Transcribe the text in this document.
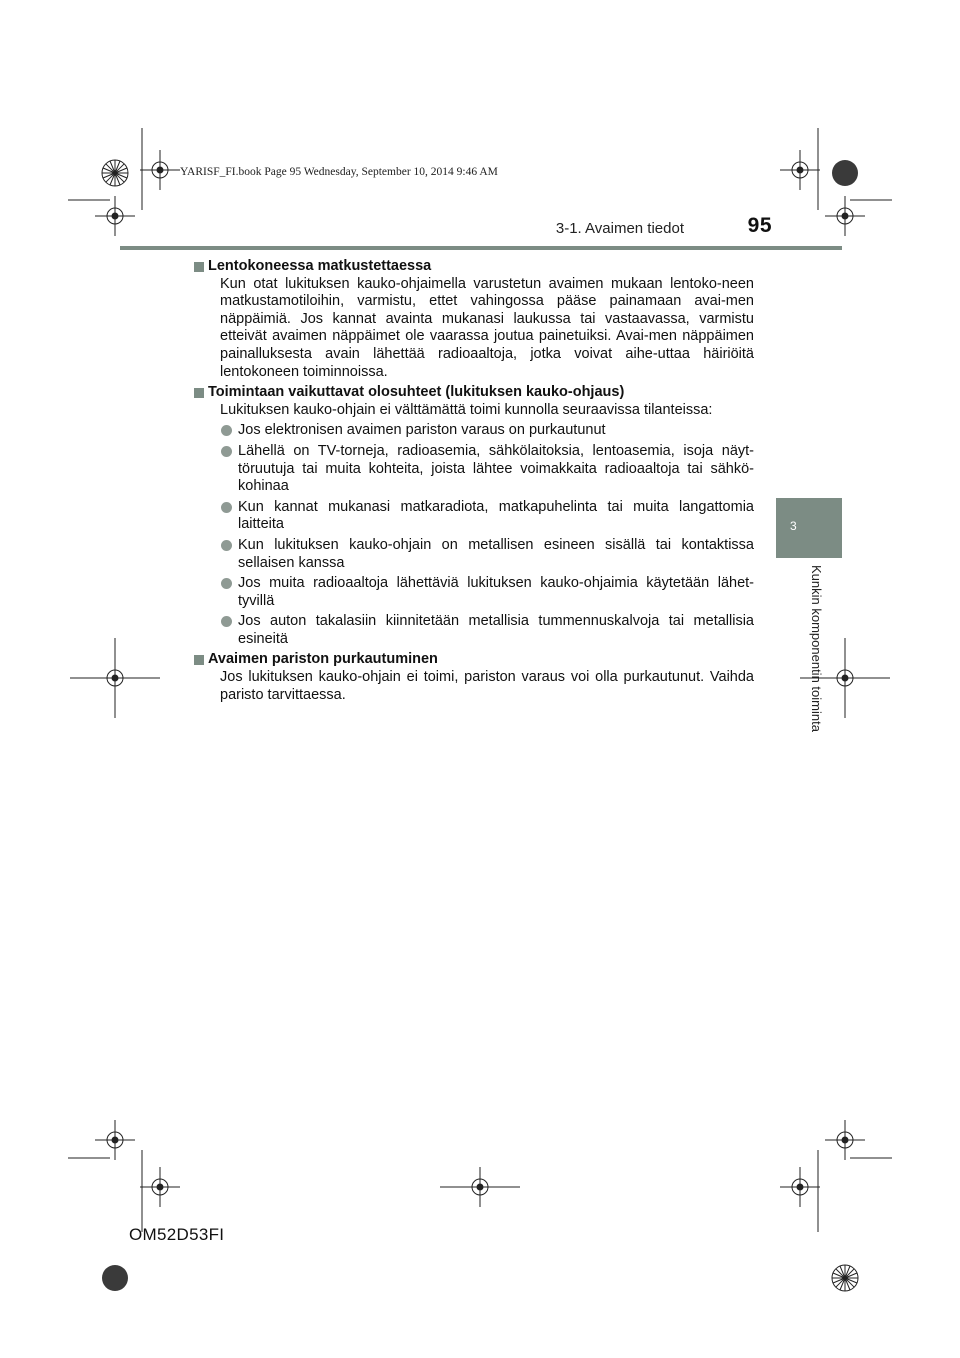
YARISF_FI.book Page 95 Wednesday, September 10, 2014 9:46 AM
3-1. Avaimen tiedot	95
3
Kunkin komponentin toiminta
Lentokoneessa matkustettaessa

Kun otat lukituksen kauko-ohjaimella varustetun avaimen mukaan lentoko-neen matkustamotiloihin, varmistu, ettet vahingossa pääse painamaan avai-men näppäimiä. Jos kannat avainta mukanasi laukussa tai vastaavassa, varmistu etteivät avaimen näppäimet ole vaarassa joutua painetuiksi. Avai-men näppäimen painalluksesta avain lähettää radioaaltoja, jotka voivat aihe-uttaa häiriöitä lentokoneen toiminnoissa.

Toimintaan vaikuttavat olosuhteet (lukituksen kauko-ohjaus)

Lukituksen kauko-ohjain ei välttämättä toimi kunnolla seuraavissa tilanteissa:

Jos elektronisen avaimen pariston varaus on purkautunut
Lähellä on TV-torneja, radioasemia, sähkölaitoksia, lentoasemia, isoja näyt-töruutuja tai muita kohteita, joista lähtee voimakkaita radioaaltoja tai sähkö-kohinaa
Kun kannat mukanasi matkaradiota, matkapuhelinta tai muita langattomia laitteita
Kun lukituksen kauko-ohjain on metallisen esineen sisällä tai kontaktissa sellaisen kanssa
Jos muita radioaaltoja lähettäviä lukituksen kauko-ohjaimia käytetään lähet-tyvillä
Jos auton takalasiin kiinnitetään metallisia tummennuskalvoja tai metallisia esineitä
Avaimen pariston purkautuminen

Jos lukituksen kauko-ohjain ei toimi, pariston varaus voi olla purkautunut. Vaihda paristo tarvittaessa.

OM52D53FI
